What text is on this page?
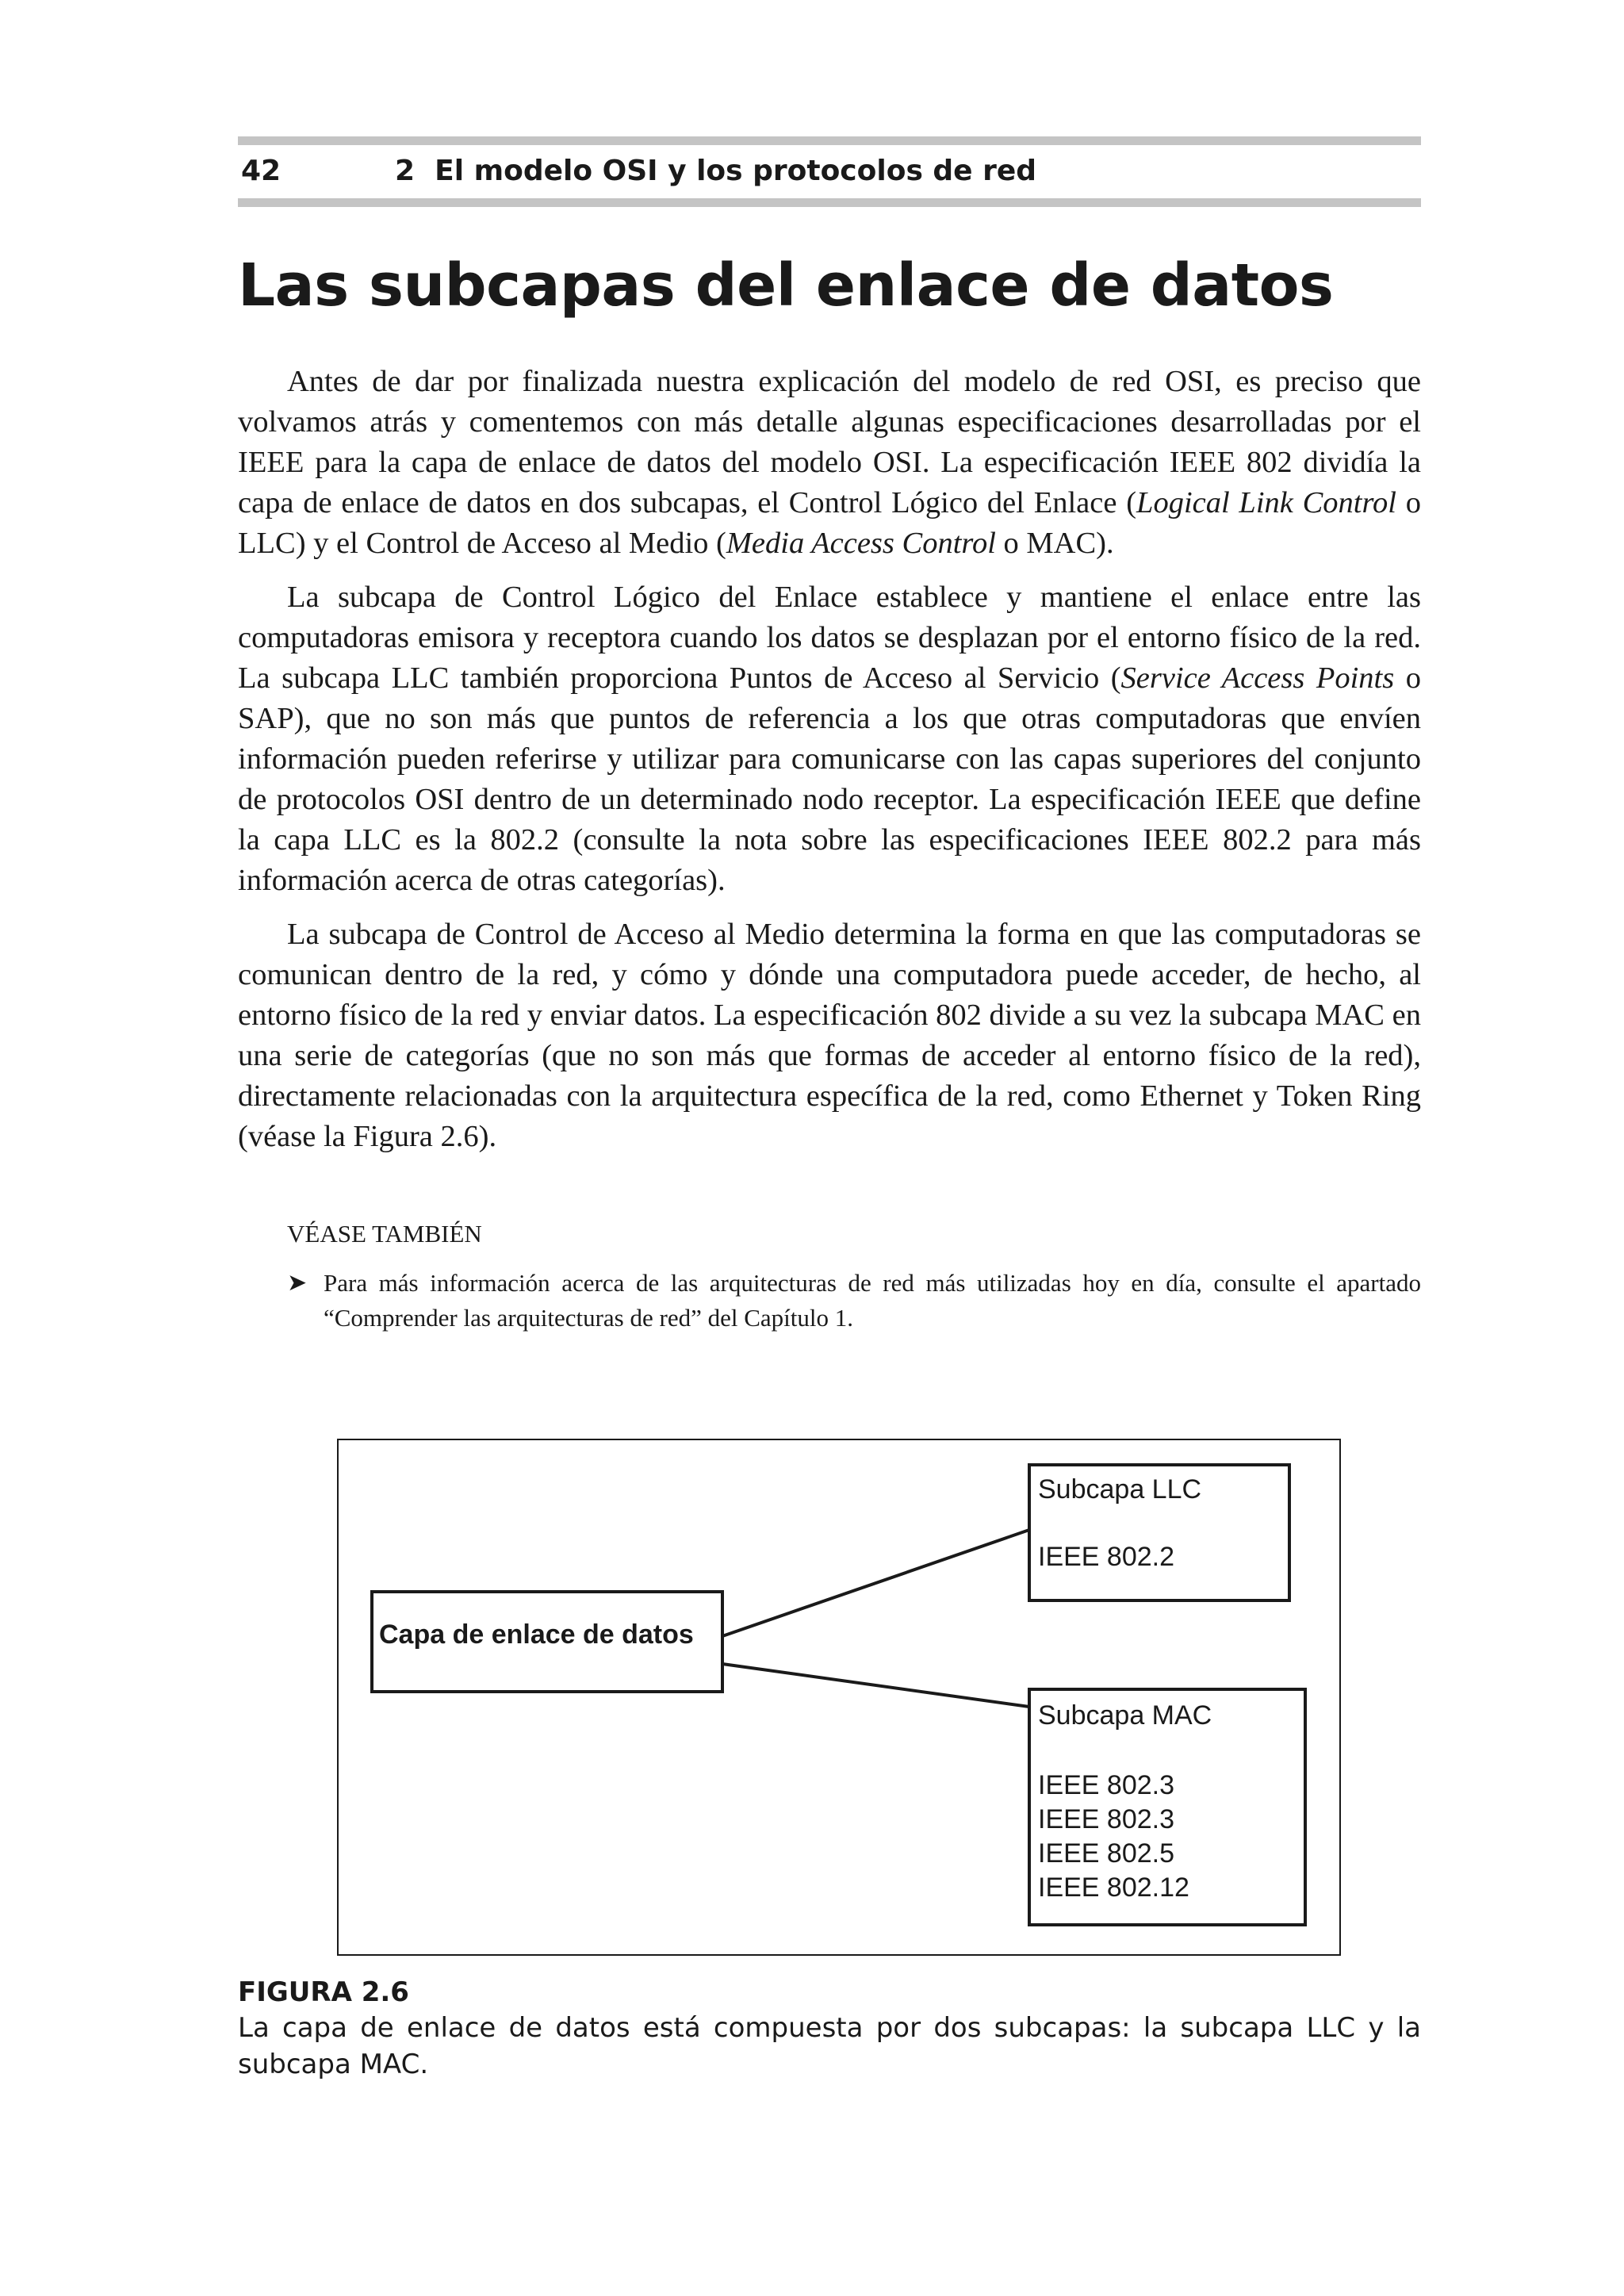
42	2  El modelo OSI y los protocolos de red
Las subcapas del enlace de datos

Antes de dar por finalizada nuestra explicación del modelo de red OSI, es preciso que volvamos atrás y comentemos con más detalle algunas especificaciones desarrolladas por el IEEE para la capa de enlace de datos del modelo OSI. La especificación IEEE 802 dividía la capa de enlace de datos en dos subcapas, el Control Lógico del Enlace (Logical Link Control o LLC) y el Control de Acceso al Medio (Media Access Control o MAC).

La subcapa de Control Lógico del Enlace establece y mantiene el enlace entre las computadoras emisora y receptora cuando los datos se desplazan por el entorno físico de la red. La subcapa LLC también proporciona Puntos de Acceso al Servicio (Service Access Points o SAP), que no son más que puntos de referencia a los que otras computadoras que envíen información pueden referirse y utilizar para comunicarse con las capas superiores del conjunto de protocolos OSI dentro de un determinado nodo receptor. La especificación IEEE que define la capa LLC es la 802.2 (consulte la nota sobre las especificaciones IEEE 802.2 para más información acerca de otras categorías).

La subcapa de Control de Acceso al Medio determina la forma en que las computadoras se comunican dentro de la red, y cómo y dónde una computadora puede acceder, de hecho, al entorno físico de la red y enviar datos. La especificación 802 divide a su vez la subcapa MAC en una serie de categorías (que no son más que formas de acceder al entorno físico de la red), directamente relacionadas con la arquitectura específica de la red, como Ethernet y Token Ring (véase la Figura 2.6).

VÉASE TAMBIÉN
➤ Para más información acerca de las arquitecturas de red más utilizadas hoy en día, consulte el apartado “Comprender las arquitecturas de red” del Capítulo 1.
Capa de enlace de datos
Subcapa LLC
IEEE 802.2
Subcapa MAC
IEEE 802.3
IEEE 802.3
IEEE 802.5
IEEE 802.12
FIGURA 2.6
La capa de enlace de datos está compuesta por dos subcapas: la subcapa LLC y la subcapa MAC.
